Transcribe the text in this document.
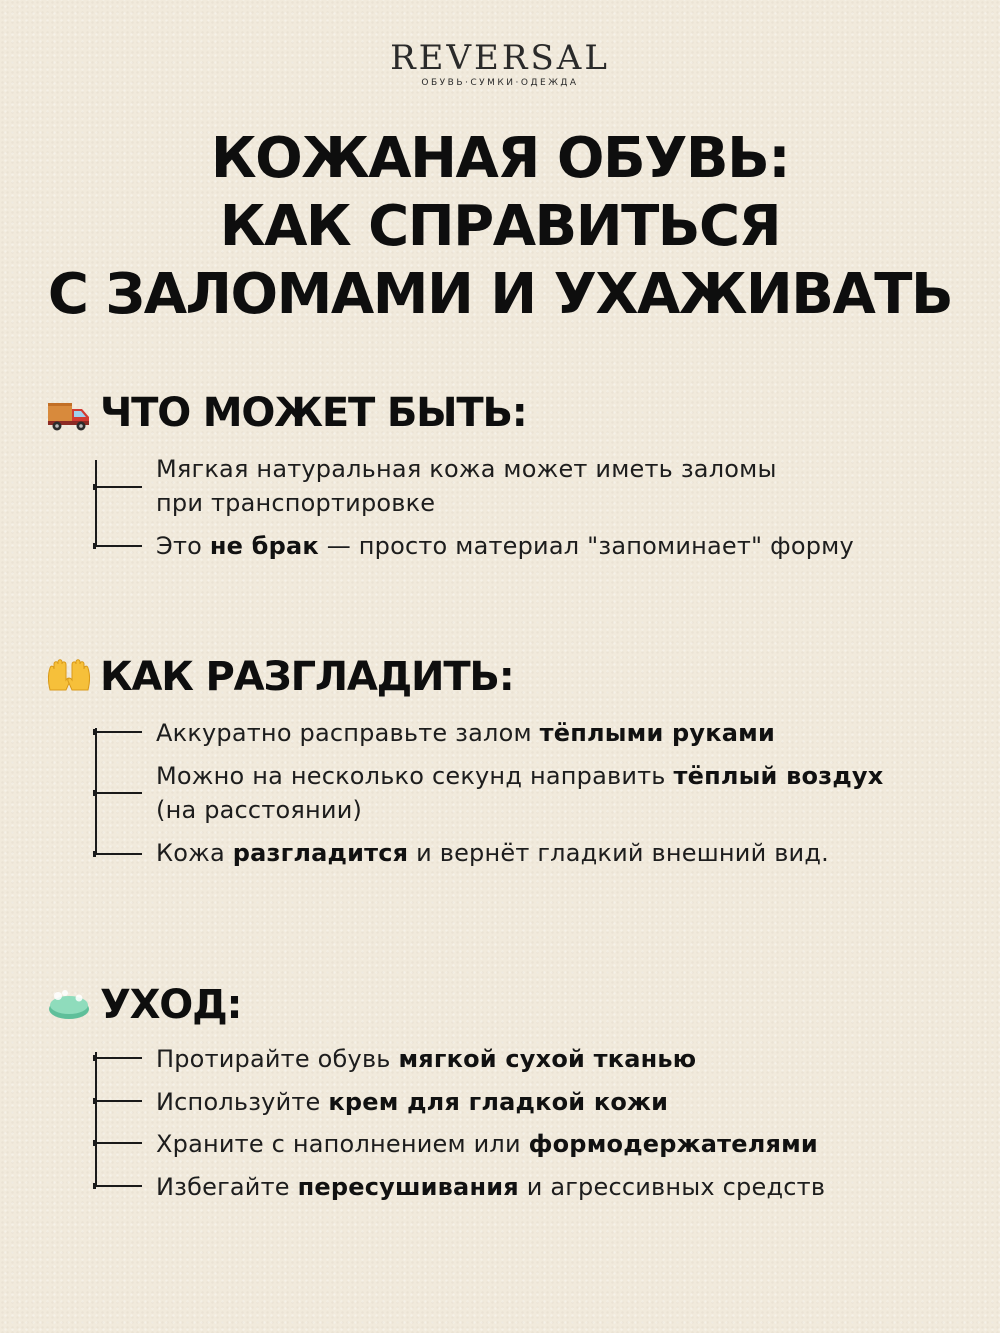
REVERSAL
ОБУВЬ·СУМКИ·ОДЕЖДА
КОЖАНАЯ ОБУВЬ:
КАК СПРАВИТЬСЯ
С ЗАЛОМАМИ И УХАЖИВАТЬ
ЧТО МОЖЕТ БЫТЬ:
Мягкая натуральная кожа может иметь заломы
при транспортировке
Это не брак — просто материал "запоминает" форму
КАК РАЗГЛАДИТЬ:
Аккуратно расправьте залом тёплыми руками
Можно на несколько секунд направить тёплый воздух
(на расстоянии)
Кожа разгладится и вернёт гладкий внешний вид.
УХОД:
Протирайте обувь мягкой сухой тканью
Используйте крем для гладкой кожи
Храните с наполнением или формодержателями
Избегайте пересушивания и агрессивных средств
